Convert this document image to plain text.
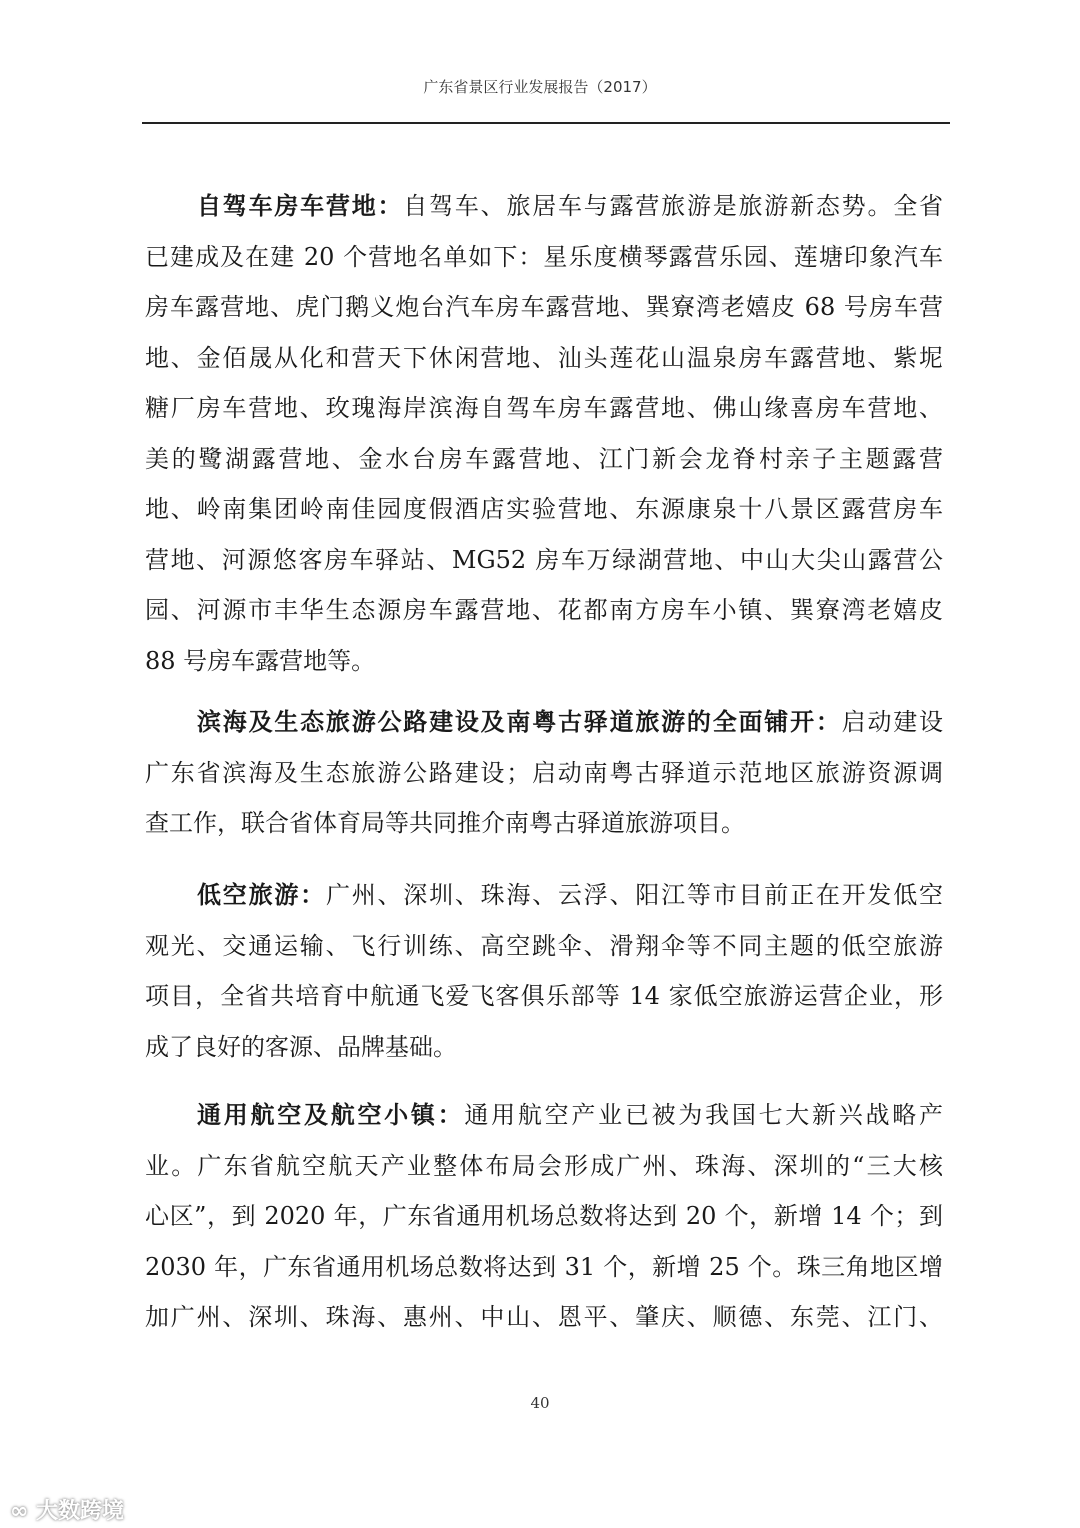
广东省景区行业发展报告（2017）
自驾车房车营地：自驾车、旅居车与露营旅游是旅游新态势。全省
已建成及在建 20 个营地名单如下：星乐度横琴露营乐园、莲塘印象汽车
房车露营地、虎门鹅义炮台汽车房车露营地、巽寮湾老嬉皮 68 号房车营
地、金佰晟从化和营天下休闲营地、汕头莲花山温泉房车露营地、紫坭
糖厂房车营地、玫瑰海岸滨海自驾车房车露营地、佛山缘喜房车营地、
美的鹭湖露营地、金水台房车露营地、江门新会龙脊村亲子主题露营
地、岭南集团岭南佳园度假酒店实验营地、东源康泉十八景区露营房车
营地、河源悠客房车驿站、MG52 房车万绿湖营地、中山大尖山露营公
园、河源市丰华生态源房车露营地、花都南方房车小镇、巽寮湾老嬉皮
88 号房车露营地等。
滨海及生态旅游公路建设及南粤古驿道旅游的全面铺开：启动建设
广东省滨海及生态旅游公路建设；启动南粤古驿道示范地区旅游资源调
查工作，联合省体育局等共同推介南粤古驿道旅游项目。
低空旅游：广州、深圳、珠海、云浮、阳江等市目前正在开发低空
观光、交通运输、飞行训练、高空跳伞、滑翔伞等不同主题的低空旅游
项目，全省共培育中航通飞爱飞客俱乐部等 14 家低空旅游运营企业，形
成了良好的客源、品牌基础。
通用航空及航空小镇：通用航空产业已被为我国七大新兴战略产
业。广东省航空航天产业整体布局会形成广州、珠海、深圳的“三大核
心区”，到 2020 年，广东省通用机场总数将达到 20 个，新增 14 个；到
2030 年，广东省通用机场总数将达到 31 个，新增 25 个。珠三角地区增
加广州、深圳、珠海、惠州、中山、恩平、肇庆、顺德、东莞、江门、
40
∞ 大数跨境
